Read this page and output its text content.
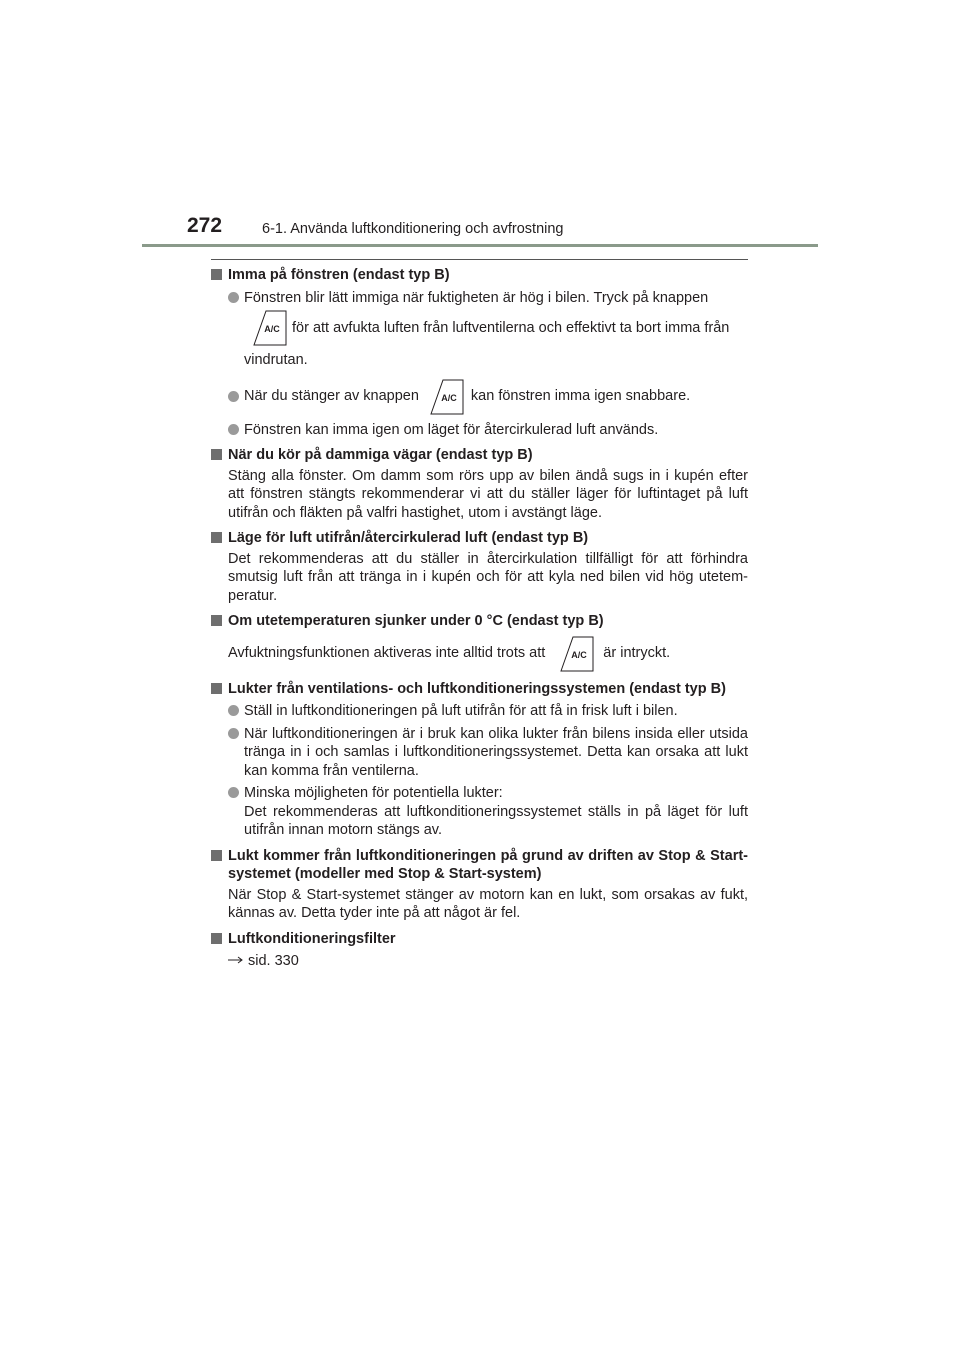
272	6-1. Använda luftkonditionering och avfrostning
Imma på fönstren (endast typ B)
Fönstren blir lätt immiga när fuktigheten är hög i bilen. Tryck på knappen
A/C för att avfukta luften från luftventilerna och effektivt ta bort imma från
vindrutan.
När du stänger av knappen A/C kan fönstren imma igen snabbare.
Fönstren kan imma igen om läget för återcirkulerad luft används.
När du kör på dammiga vägar (endast typ B)
Stäng alla fönster. Om damm som rörs upp av bilen ändå sugs in i kupén efter att fönstren stängts rekommenderar vi att du ställer läger för luftintaget på luft utifrån och fläkten på valfri hastighet, utom i avstängt läge.
Läge för luft utifrån/återcirkulerad luft (endast typ B)
Det rekommenderas att du ställer in återcirkulation tillfälligt för att förhindra smutsig luft från att tränga in i kupén och för att kyla ned bilen vid hög utetem-peratur.
Om utetemperaturen sjunker under 0 °C (endast typ B)
Avfuktningsfunktionen aktiveras inte alltid trots att	A/C är intryckt.
Lukter från ventilations- och luftkonditioneringssystemen (endast typ B)
Ställ in luftkonditioneringen på luft utifrån för att få in frisk luft i bilen.
När luftkonditioneringen är i bruk kan olika lukter från bilens insida eller utsida tränga in i och samlas i luftkonditioneringssystemet. Detta kan orsaka att lukt kan komma från ventilerna.
Minska möjligheten för potentiella lukter:
Det rekommenderas att luftkonditioneringssystemet ställs in på läget för luft utifrån innan motorn stängs av.
Lukt kommer från luftkonditioneringen på grund av driften av Stop & Start-systemet (modeller med Stop & Start-system)
När Stop & Start-systemet stänger av motorn kan en lukt, som orsakas av fukt, kännas av. Detta tyder inte på att något är fel.
Luftkonditioneringsfilter
sid. 330
